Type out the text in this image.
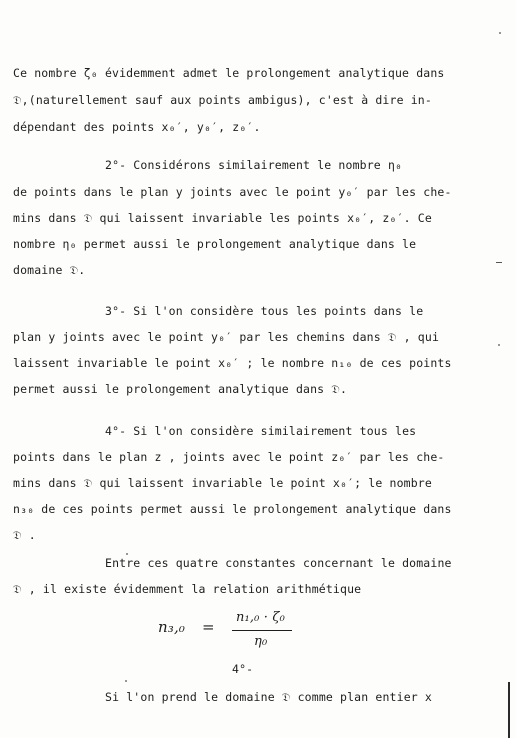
Ce nombre ζ₀ évidemment admet le prolongement analytique dans
𝔇,(naturellement sauf aux points ambigus), c'est à dire in-
dépendant des points x₀′, y₀′, z₀′.
2°- Considérons similairement le nombre η₀
de points dans le plan y joints avec le point y₀′ par les che-
mins dans 𝔇 qui laissent invariable les points x₀′, z₀′. Ce
nombre η₀ permet aussi le prolongement analytique dans le
domaine 𝔇.
3°- Si l'on considère tous les points dans le
plan y joints avec le point y₀′ par les chemins dans 𝔇 , qui
laissent invariable le point x₀′ ; le nombre n₁₀ de ces points
permet aussi le prolongement analytique dans 𝔇.
4°- Si l'on considère similairement tous les
points dans le plan z , joints avec le point z₀′ par les che-
mins dans 𝔇 qui laissent invariable le point x₀′; le nombre
n₃₀ de ces points permet aussi le prolongement analytique dans
𝔇 .
Entre ces quatre constantes concernant le domaine
𝔇 , il existe évidemment la relation arithmétique
n₃,₀ =
n₁,₀ · ζ₀
η₀
4°-
Si l'on prend le domaine 𝔇 comme plan entier x
